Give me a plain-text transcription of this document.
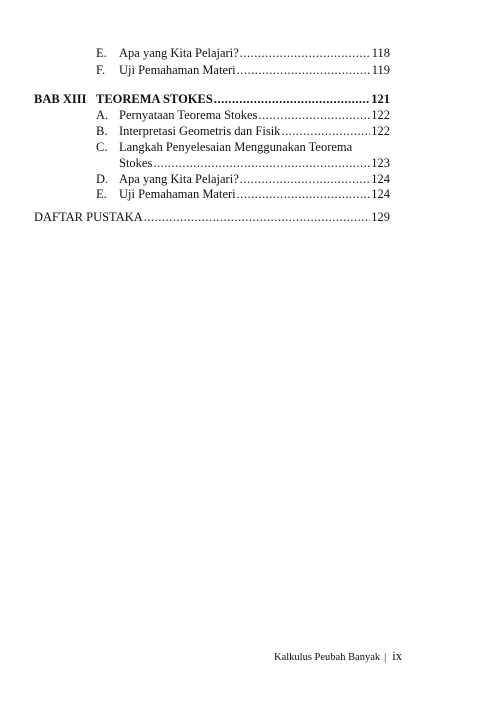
E. Apa yang Kita Pelajari? .....	118
F. Uji Pemahaman Materi .....	119
BAB XIII TEOREMA STOKES .....	121
A. Pernyataan Teorema Stokes .....	122
B. Interpretasi Geometris dan Fisik .....	122
C. Langkah Penyelesaian Menggunakan Teorema
Stokes .....	123
D. Apa yang Kita Pelajari? .....	124
E. Uji Pemahaman Materi .....	124
DAFTAR PUSTAKA .....	129
Kalkulus Peubah Banyak | ix
